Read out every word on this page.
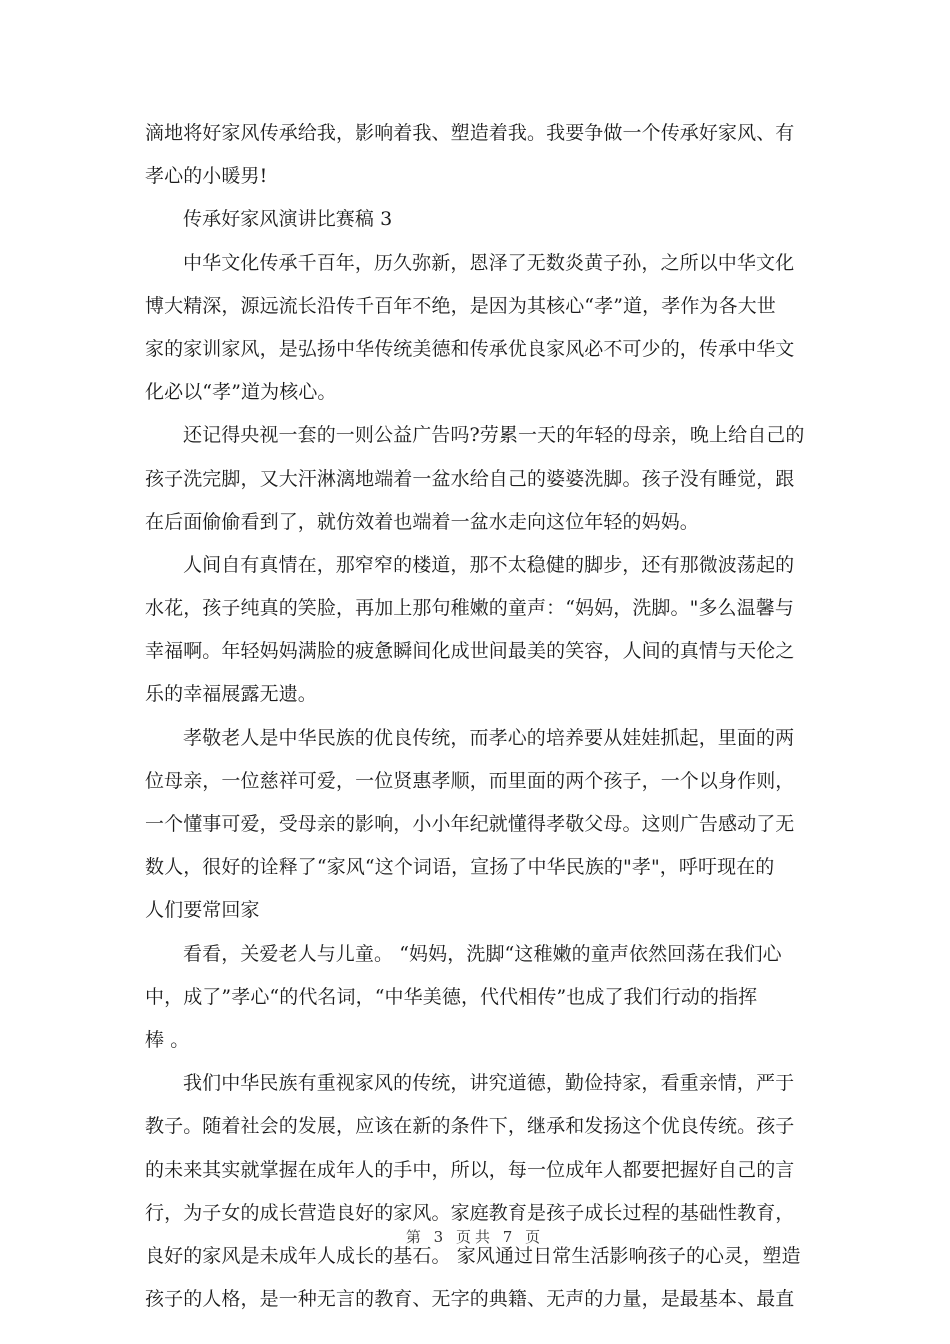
滴地将好家风传承给我，影响着我、塑造着我。我要争做一个传承好家风、有
孝心的小暖男!
传承好家风演讲比赛稿 3
中华文化传承千百年，历久弥新，恩泽了无数炎黄子孙，之所以中华文化
博大精深，源远流长沿传千百年不绝，是因为其核心“孝”道，孝作为各大世
家的家训家风，是弘扬中华传统美德和传承优良家风必不可少的，传承中华文
化必以“孝”道为核心。
还记得央视一套的一则公益广告吗?劳累一天的年轻的母亲，晚上给自己的
孩子洗完脚，又大汗淋漓地端着一盆水给自己的婆婆洗脚。孩子没有睡觉，跟
在后面偷偷看到了，就仿效着也端着一盆水走向这位年轻的妈妈。
人间自有真情在，那窄窄的楼道，那不太稳健的脚步，还有那微波荡起的
水花，孩子纯真的笑脸，再加上那句稚嫩的童声：“妈妈，洗脚。"多么温馨与
幸福啊。年轻妈妈满脸的疲惫瞬间化成世间最美的笑容，人间的真情与天伦之
乐的幸福展露无遗。
孝敬老人是中华民族的优良传统，而孝心的培养要从娃娃抓起，里面的两
位母亲，一位慈祥可爱，一位贤惠孝顺，而里面的两个孩子，一个以身作则，
一个懂事可爱，受母亲的影响，小小年纪就懂得孝敬父母。这则广告感动了无
数人，很好的诠释了“家风“这个词语，宣扬了中华民族的"孝"，呼吁现在的
人们要常回家
看看，关爱老人与儿童。 “妈妈，洗脚“这稚嫩的童声依然回荡在我们心
中，成了”孝心“的代名词，“中华美德，代代相传”也成了我们行动的指挥
棒 。
我们中华民族有重视家风的传统，讲究道德，勤俭持家，看重亲情，严于
教子。随着社会的发展，应该在新的条件下，继承和发扬这个优良传统。孩子
的未来其实就掌握在成年人的手中，所以，每一位成年人都要把握好自己的言
行，为子女的成长营造良好的家风。家庭教育是孩子成长过程的基础性教育，
良好的家风是未成年人成长的基石。 家风通过日常生活影响孩子的心灵，塑造
孩子的人格，是一种无言的教育、无字的典籍、无声的力量，是最基本、最直
第 3 页共 7 页
